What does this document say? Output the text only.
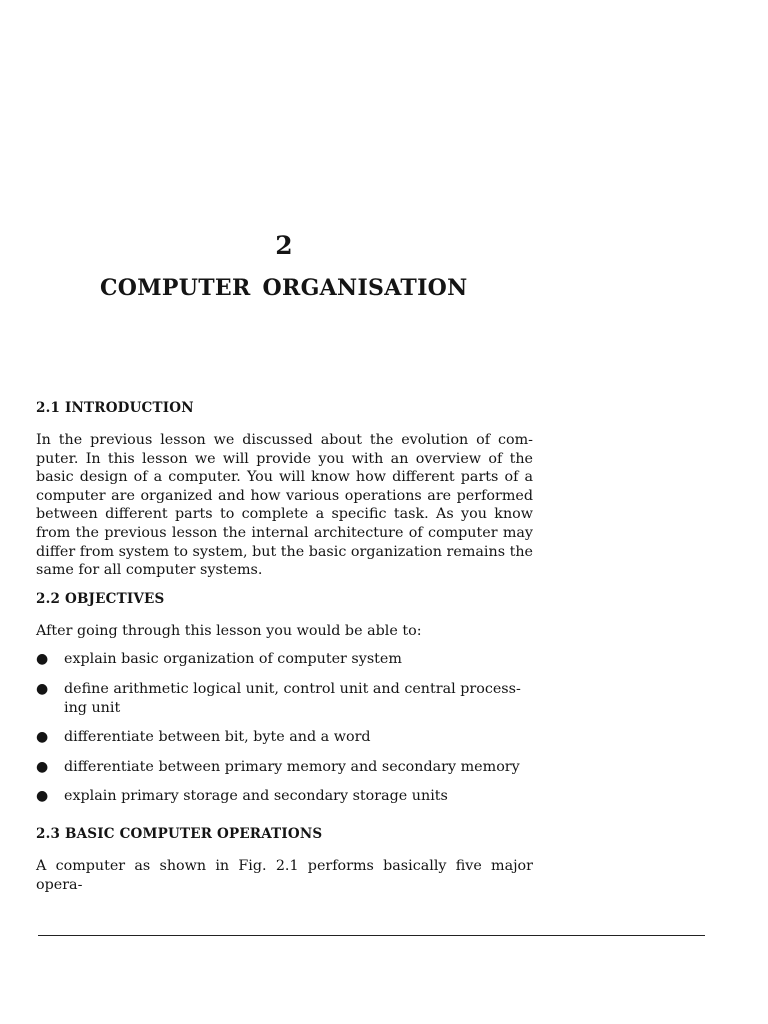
2
COMPUTER ORGANISATION
2.1 INTRODUCTION

In the previous lesson we discussed about the evolution of computer. In this lesson we will provide you with an overview of the basic design of a computer. You will know how different parts of a computer are organized and how various operations are performed between different parts to complete a specific task. As you know from the previous lesson the internal architecture of computer may differ from system to system, but the basic organization remains the same for all computer systems.

2.2 OBJECTIVES

After going through this lesson you would be able to:

●	explain basic organization of computer system
●	define arithmetic logical unit, control unit and central processing unit
●	differentiate between bit, byte and a word
●	differentiate between primary memory and secondary memory
●	explain primary storage and secondary storage units
2.3 BASIC COMPUTER OPERATIONS

A computer as shown in Fig. 2.1 performs basically five major opera-
